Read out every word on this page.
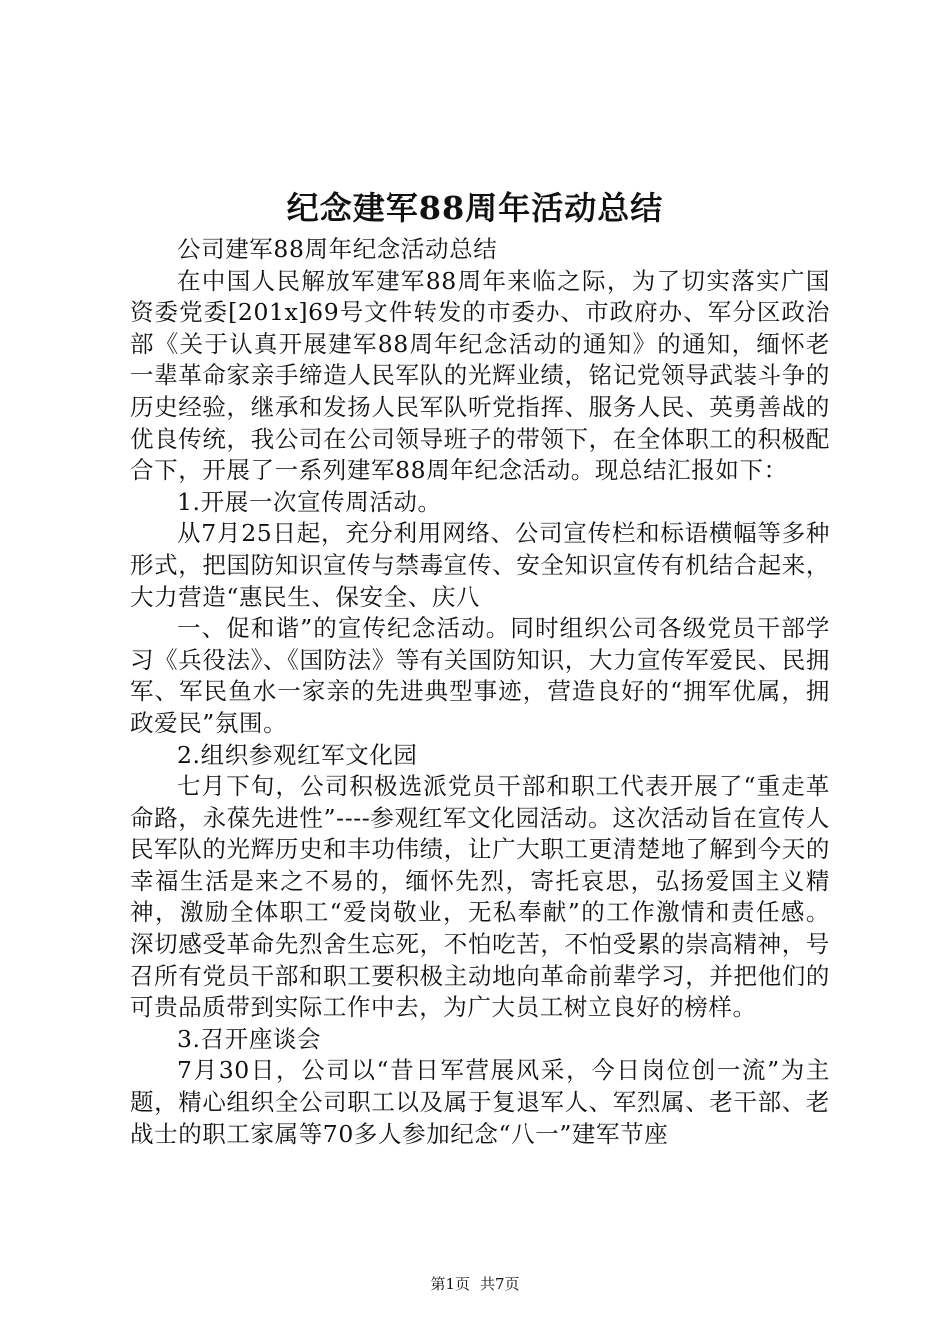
纪念建军88周年活动总结

公司建军88周年纪念活动总结

在中国人民解放军建军88周年来临之际，为了切实落实广国资委党委[201x]69号文件转发的市委办、市政府办、军分区政治部《关于认真开展建军88周年纪念活动的通知》的通知，缅怀老一辈革命家亲手缔造人民军队的光辉业绩，铭记党领导武装斗争的历史经验，继承和发扬人民军队听党指挥、服务人民、英勇善战的优良传统，我公司在公司领导班子的带领下，在全体职工的积极配合下，开展了一系列建军88周年纪念活动。现总结汇报如下：

1.开展一次宣传周活动。

从7月25日起，充分利用网络、公司宣传栏和标语横幅等多种形式，把国防知识宣传与禁毒宣传、安全知识宣传有机结合起来，大力营造“惠民生、保安全、庆八

一、促和谐”的宣传纪念活动。同时组织公司各级党员干部学习《兵役法》、《国防法》等有关国防知识，大力宣传军爱民、民拥军、军民鱼水一家亲的先进典型事迹，营造良好的“拥军优属，拥政爱民”氛围。

2.组织参观红军文化园

七月下旬，公司积极选派党员干部和职工代表开展了“重走革命路，永葆先进性”----参观红军文化园活动。这次活动旨在宣传人民军队的光辉历史和丰功伟绩，让广大职工更清楚地了解到今天的幸福生活是来之不易的，缅怀先烈，寄托哀思，弘扬爱国主义精神，激励全体职工“爱岗敬业，无私奉献”的工作激情和责任感。深切感受革命先烈舍生忘死，不怕吃苦，不怕受累的崇高精神，号召所有党员干部和职工要积极主动地向革命前辈学习，并把他们的可贵品质带到实际工作中去，为广大员工树立良好的榜样。

3.召开座谈会

7月30日，公司以“昔日军营展风采，今日岗位创一流”为主题，精心组织全公司职工以及属于复退军人、军烈属、老干部、老战士的职工家属等70多人参加纪念“八一”建军节座

第1页 共7页
